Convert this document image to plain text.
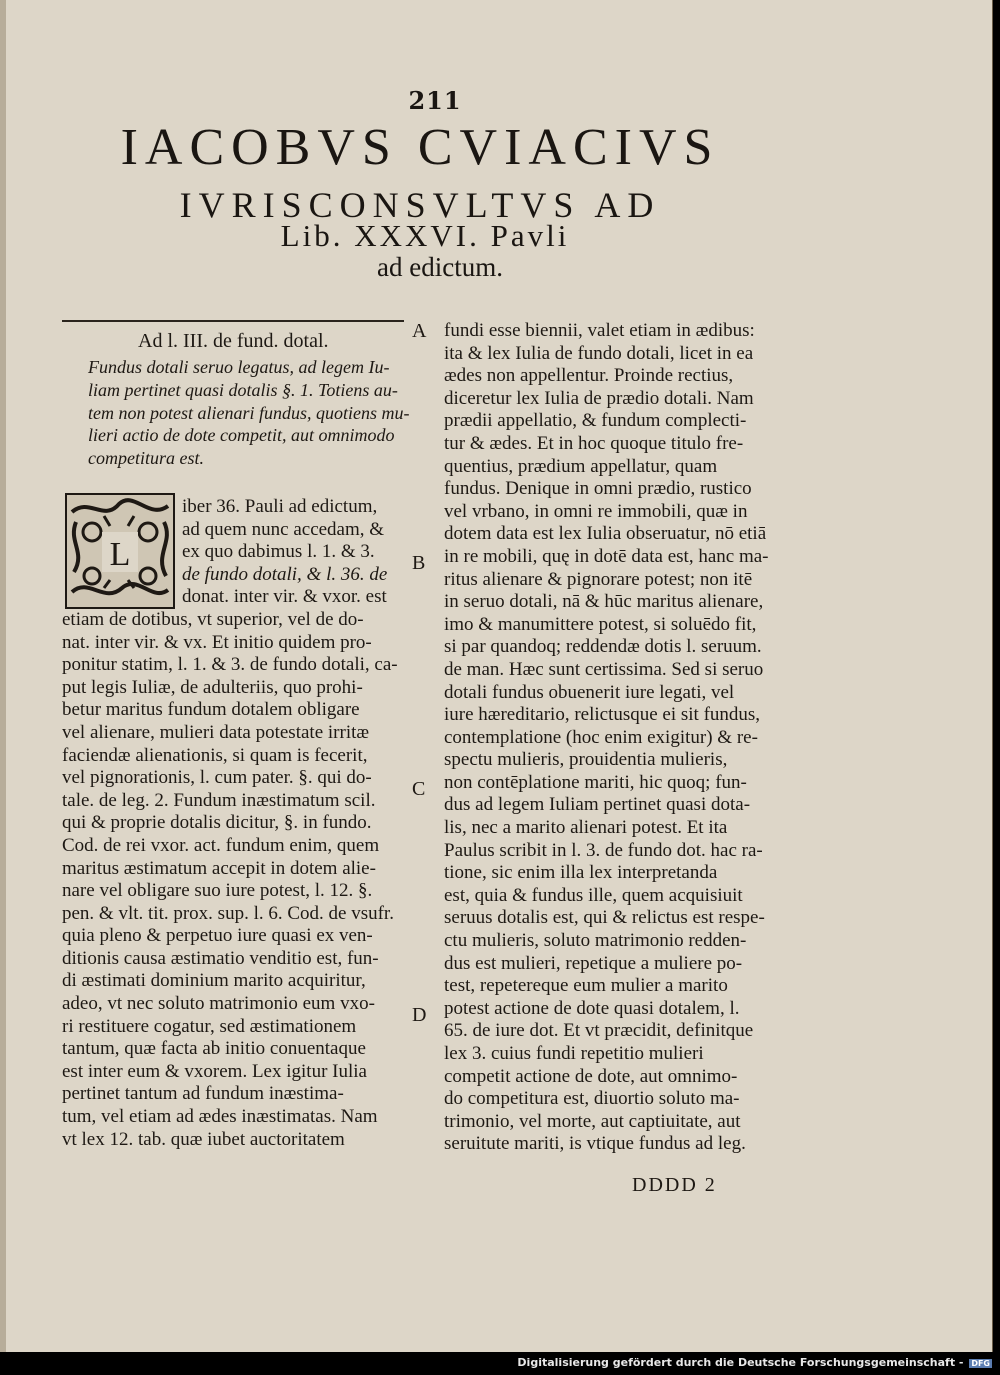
211
IACOBVS CVIACIVS
IVRISCONSVLTVS AD
Lib. XXXVI. Pavli
ad edictum.
Ad l. III. de fund. dotal.
Fundus dotali seruo legatus, ad legem Iu-
liam pertinet quasi dotalis §. 1. Totiens au-
tem non potest alienari fundus, quotiens mu-
lieri actio de dote competit, aut omnimodo
competitura est.
L
iber 36. Pauli ad edictum,
ad quem nunc accedam, &
ex quo dabimus l. 1. & 3.
de fundo dotali, & l. 36. de
donat. inter vir. & vxor. est
etiam de dotibus, vt superior, vel de do-
nat. inter vir. & vx. Et initio quidem pro-
ponitur statim, l. 1. & 3. de fundo dotali, ca-
put legis Iuliæ, de adulteriis, quo prohi-
betur maritus fundum dotalem obligare
vel alienare, mulieri data potestate irritæ
faciendæ alienationis, si quam is fecerit,
vel pignorationis, l. cum pater. §. qui do-
tale. de leg. 2. Fundum inæstimatum scil.
qui & proprie dotalis dicitur, §. in fundo.
Cod. de rei vxor. act. fundum enim, quem
maritus æstimatum accepit in dotem alie-
nare vel obligare suo iure potest, l. 12. §.
pen. & vlt. tit. prox. sup. l. 6. Cod. de vsufr.
quia pleno & perpetuo iure quasi ex ven-
ditionis causa æstimatio venditio est, fun-
di æstimati dominium marito acquiritur,
adeo, vt nec soluto matrimonio eum vxo-
ri restituere cogatur, sed æstimationem
tantum, quæ facta ab initio conuentaque
est inter eum & vxorem. Lex igitur Iulia
pertinet tantum ad fundum inæstima-
tum, vel etiam ad ædes inæstimatas. Nam
vt lex 12. tab. quæ iubet auctoritatem
A
B
C
D
fundi esse biennii, valet etiam in ædibus:
ita & lex Iulia de fundo dotali, licet in ea
ædes non appellentur. Proinde rectius,
diceretur lex Iulia de prædio dotali. Nam
prædii appellatio, & fundum complecti-
tur & ædes. Et in hoc quoque titulo fre-
quentius, prædium appellatur, quam
fundus. Denique in omni prædio, rustico
vel vrbano, in omni re immobili, quæ in
dotem data est lex Iulia obseruatur, nō etiā
in re mobili, quę in dotē data est, hanc ma-
ritus alienare & pignorare potest; non itē
in seruo dotali, nā & hūc maritus alienare,
imo & manumittere potest, si soluēdo fit,
si par quandoq; reddendæ dotis l. seruum.
de man. Hæc sunt certissima. Sed si seruo
dotali fundus obuenerit iure legati, vel
iure hæreditario, relictusque ei sit fundus,
contemplatione (hoc enim exigitur) & re-
spectu mulieris, prouidentia mulieris,
non contēplatione mariti, hic quoq; fun-
dus ad legem Iuliam pertinet quasi dota-
lis, nec a marito alienari potest. Et ita
Paulus scribit in l. 3. de fundo dot. hac ra-
tione, sic enim illa lex interpretanda
est, quia & fundus ille, quem acquisiuit
seruus dotalis est, qui & relictus est respe-
ctu mulieris, soluto matrimonio redden-
dus est mulieri, repetique a muliere po-
test, repetereque eum mulier a marito
potest actione de dote quasi dotalem, l.
65. de iure dot. Et vt præcidit, definitque
lex 3. cuius fundi repetitio mulieri
competit actione de dote, aut omnimo-
do competitura est, diuortio soluto ma-
trimonio, vel morte, aut captiuitate, aut
seruitute mariti, is vtique fundus ad leg.
DDDD 2
Digitalisierung gefördert durch die Deutsche Forschungsgemeinschaft - DFG
